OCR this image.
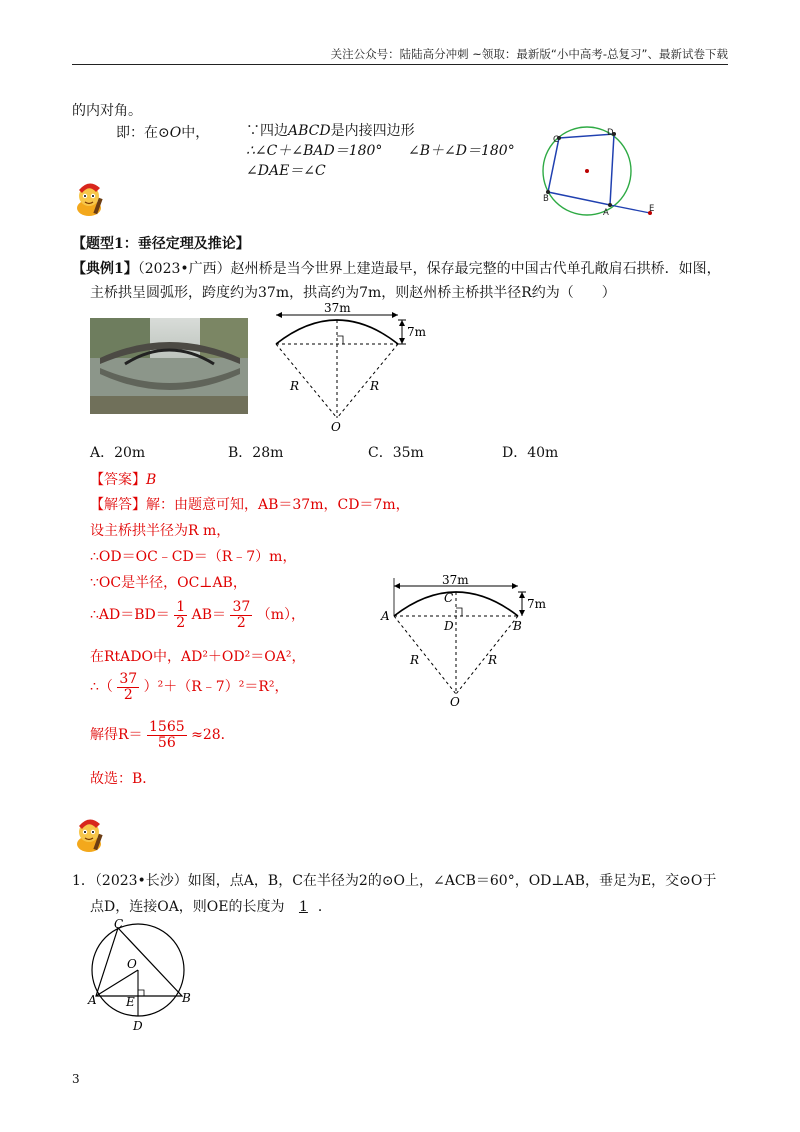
关注公众号：陆陆高分冲刺 ~领取：最新版“小中高考-总复习”、最新试卷下载
的内对角。
即：在⊙O中，	∵四边ABCD是内接四边形
∴∠C＋∠BAD＝180° ∠B＋∠D＝180°
∠DAE＝∠C
C
D
B
A	E
【题型1：垂径定理及推论】
【典例1】（2023•广西）赵州桥是当今世界上建造最早，保存最完整的中国古代单孔敞肩石拱桥．如图，
主桥拱呈圆弧形，跨度约为37m，拱高约为7m，则赵州桥主桥拱半径R约为（　　）
37m
7m
R	R
O
A．20m	B．28m	C．35m	D．40m
【答案】B
【解答】解：由题意可知，AB＝37m，CD＝7m，
设主桥拱半径为R m，
∴OD＝OC﹣CD＝（R﹣7）m，
∵OC是半径，OC⊥AB，
∴AD＝BD＝ $\frac{1}{2} AB= \frac{37}{2} (m)$，
在RtADO中，AD²＋OD²＝OA²，
∴（ $\frac{37}{2}$ ）²＋（R﹣7）²＝R²，
解得$R= \frac{1565}{56} \approx 28$．
故选：B．
37m
7m
A
B
C
D
R	R
O
1．（2023•长沙）如图，点A，B，C在半径为2的⊙O上，∠ACB＝60°，OD⊥AB，垂足为E，交⊙O于
点D，连接OA，则OE的长度为 1 ．
C
O
A E	B
D
3
